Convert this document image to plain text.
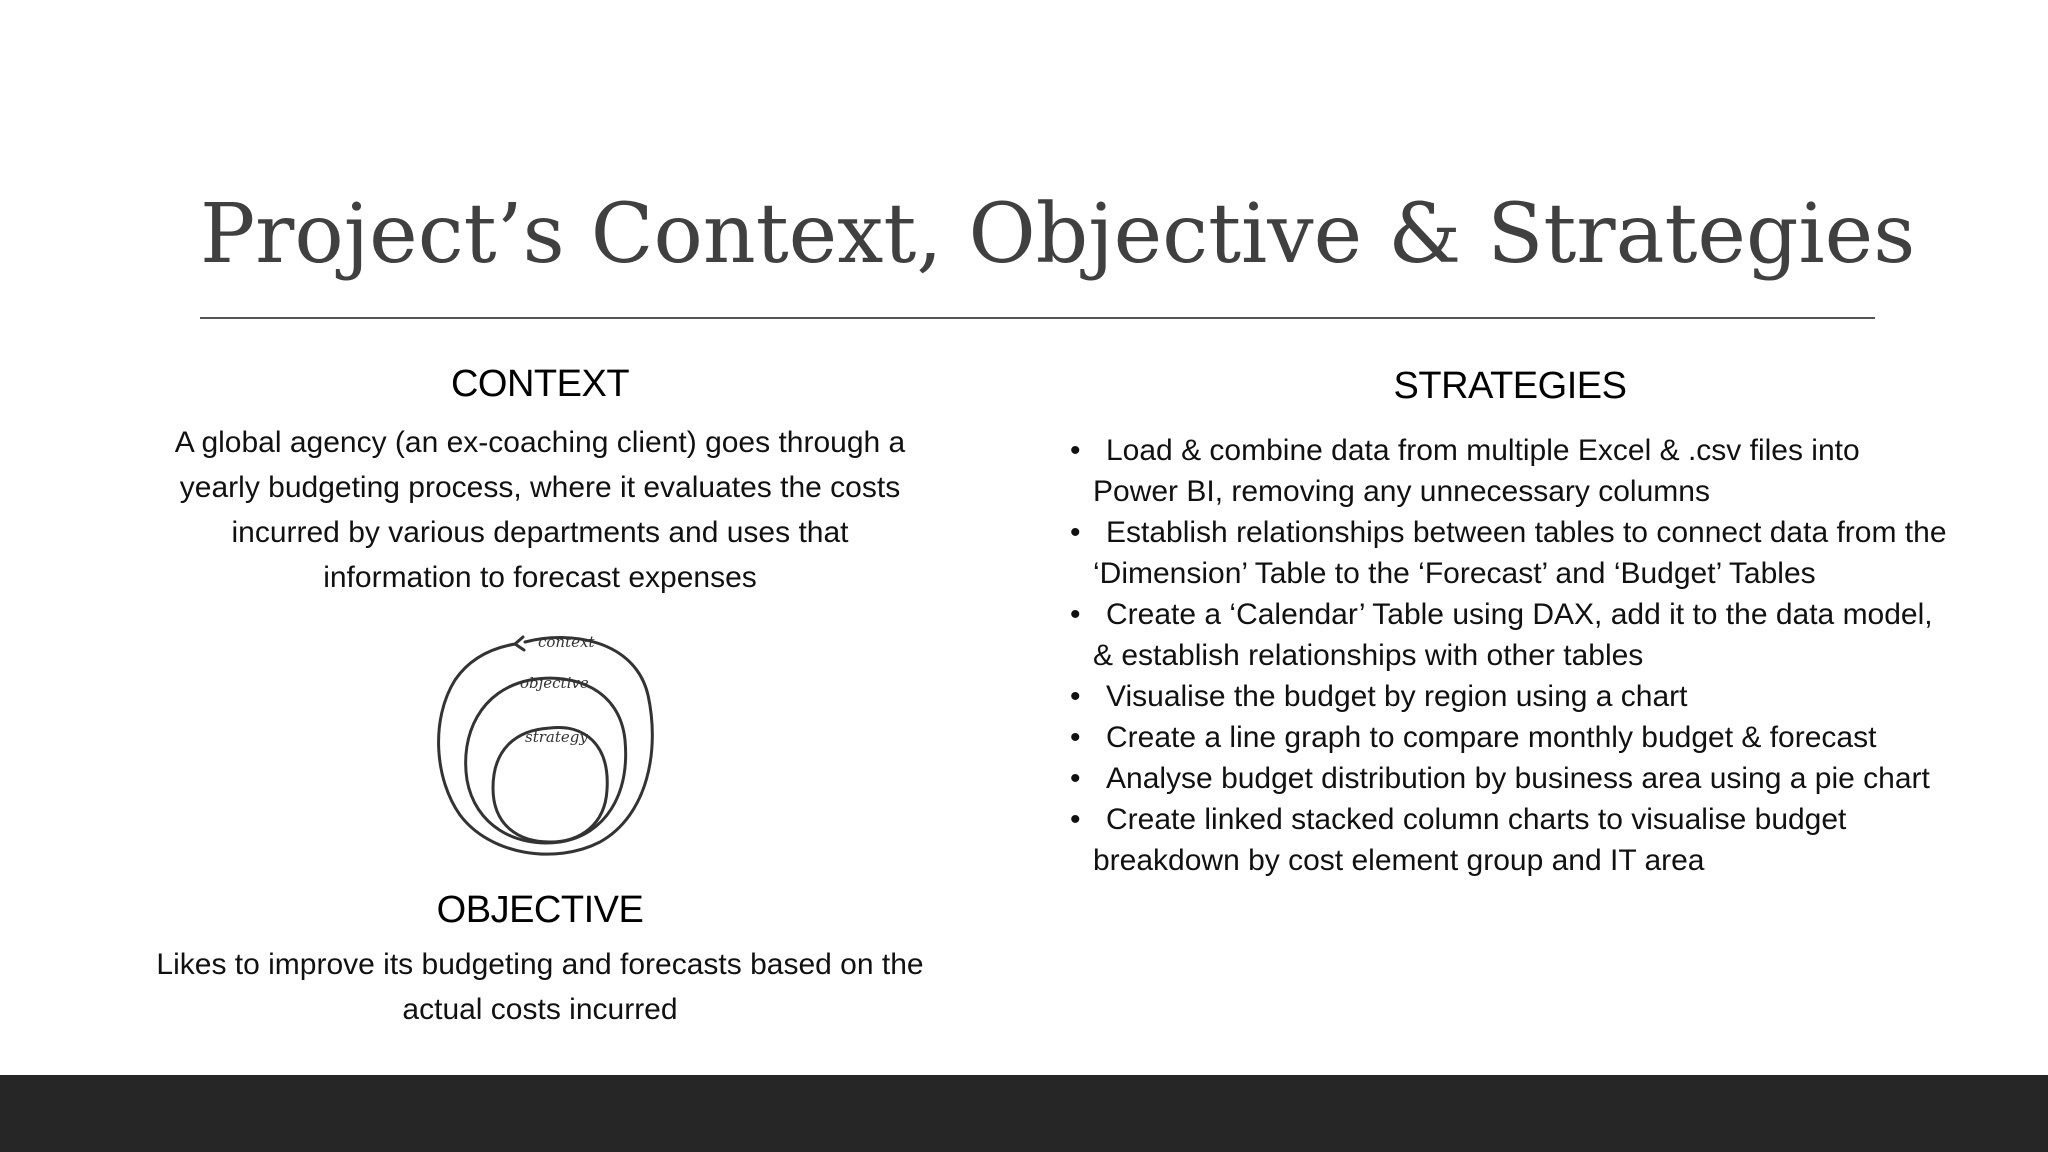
Project’s Context, Objective & Strategies
CONTEXT
A global agency (an ex-coaching client) goes through a yearly budgeting process, where it evaluates the costs incurred by various departments and uses that information to forecast expenses
context
objective
strategy
OBJECTIVE
Likes to improve its budgeting and forecasts based on the actual costs incurred
STRATEGIES
• Load & combine data from multiple Excel & .csv files into Power BI, removing any unnecessary columns
• Establish relationships between tables to connect data from the ‘Dimension’ Table to the ‘Forecast’ and ‘Budget’ Tables
• Create a ‘Calendar’ Table using DAX, add it to the data model, & establish relationships with other tables
• Visualise the budget by region using a chart
• Create a line graph to compare monthly budget & forecast
• Analyse budget distribution by business area using a pie chart
• Create linked stacked column charts to visualise budget breakdown by cost element group and IT area
